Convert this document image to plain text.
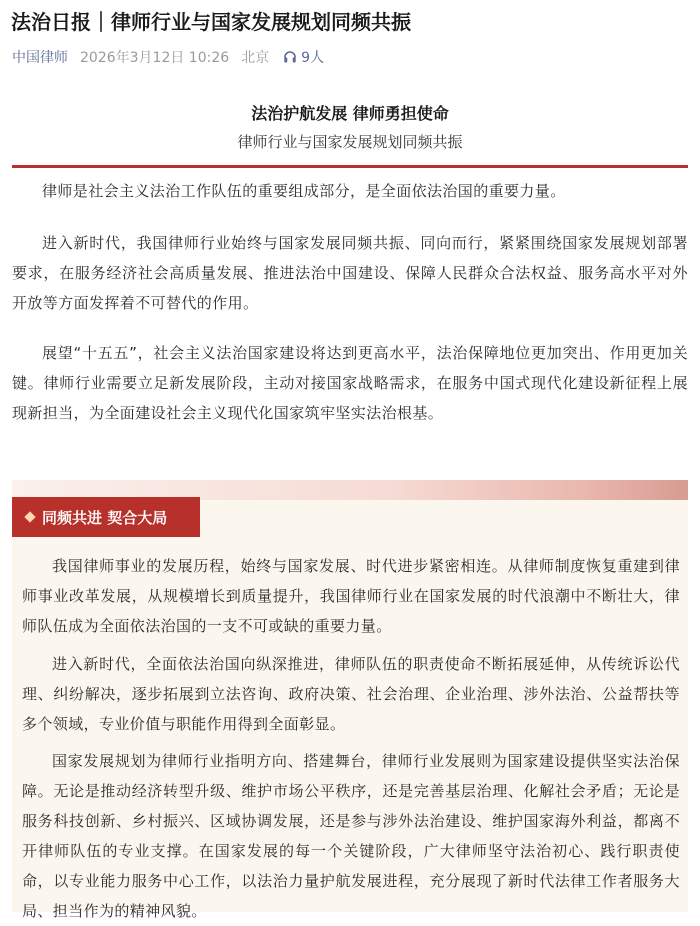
法治日报｜律师行业与国家发展规划同频共振
中国律师 2026年3月12日 10:26 北京 9人
法治护航发展 律师勇担使命
律师行业与国家发展规划同频共振
律师是社会主义法治工作队伍的重要组成部分，是全面依法治国的重要力量。
进入新时代，我国律师行业始终与国家发展同频共振、同向而行，紧紧围绕国家发展规划部署要求，在服务经济社会高质量发展、推进法治中国建设、保障人民群众合法权益、服务高水平对外开放等方面发挥着不可替代的作用。
展望“十五五”，社会主义法治国家建设将达到更高水平，法治保障地位更加突出、作用更加关键。律师行业需要立足新发展阶段，主动对接国家战略需求，在服务中国式现代化建设新征程上展现新担当，为全面建设社会主义现代化国家筑牢坚实法治根基。
同频共进 契合大局
我国律师事业的发展历程，始终与国家发展、时代进步紧密相连。从律师制度恢复重建到律师事业改革发展，从规模增长到质量提升，我国律师行业在国家发展的时代浪潮中不断壮大，律师队伍成为全面依法治国的一支不可或缺的重要力量。
进入新时代，全面依法治国向纵深推进，律师队伍的职责使命不断拓展延伸，从传统诉讼代理、纠纷解决，逐步拓展到立法咨询、政府决策、社会治理、企业治理、涉外法治、公益帮扶等多个领域，专业价值与职能作用得到全面彰显。
国家发展规划为律师行业指明方向、搭建舞台，律师行业发展则为国家建设提供坚实法治保障。无论是推动经济转型升级、维护市场公平秩序，还是完善基层治理、化解社会矛盾；无论是服务科技创新、乡村振兴、区域协调发展，还是参与涉外法治建设、维护国家海外利益，都离不开律师队伍的专业支撑。在国家发展的每一个关键阶段，广大律师坚守法治初心、践行职责使命，以专业能力服务中心工作，以法治力量护航发展进程，充分展现了新时代法律工作者服务大局、担当作为的精神风貌。
